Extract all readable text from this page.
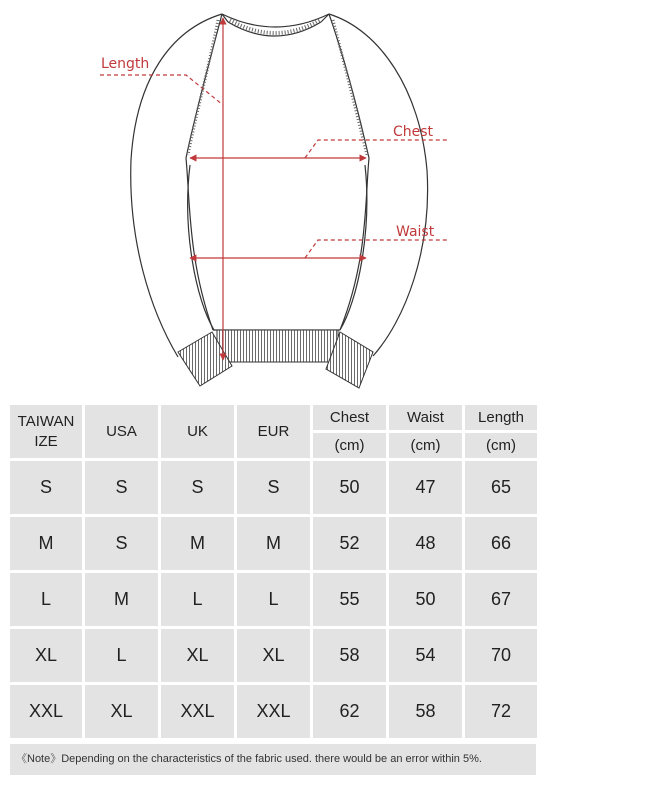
Length
Chest
Waist
TAIWAN
IZE	USA	UK	EUR	Chest	Waist	Length
				(cm)	(cm)	(cm)
S	S	S	S	50	47	65
M	S	M	M	52	48	66
L	M	L	L	55	50	67
XL	L	XL	XL	58	54	70
XXL	XL	XXL	XXL	62	58	72
《Note》Depending on the characteristics of the fabric used. there would be an error within 5%.
